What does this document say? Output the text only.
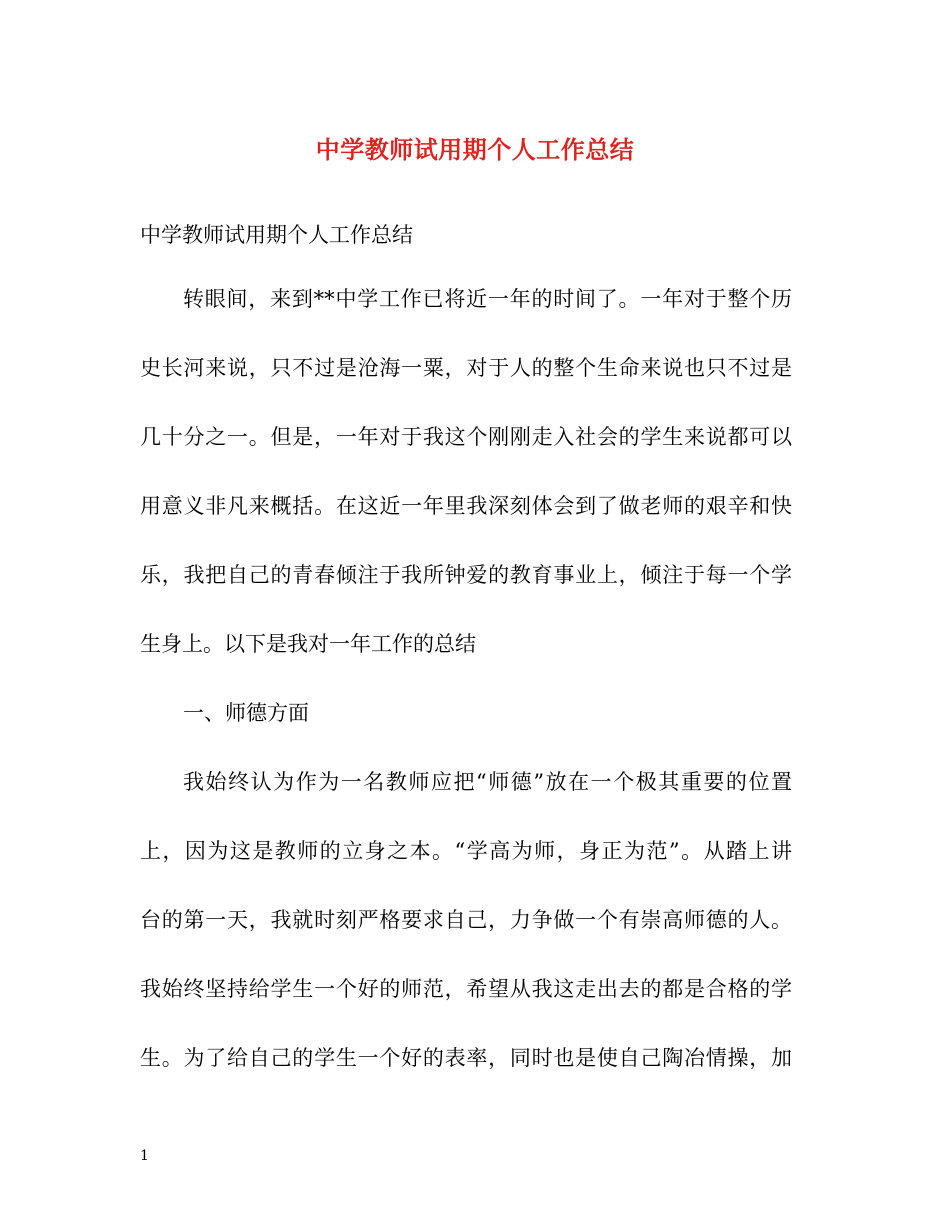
中学教师试用期个人工作总结
中学教师试用期个人工作总结
转眼间，来到**中学工作已将近一年的时间了。一年对于整个历
史长河来说，只不过是沧海一粟，对于人的整个生命来说也只不过是
几十分之一。但是，一年对于我这个刚刚走入社会的学生来说都可以
用意义非凡来概括。在这近一年里我深刻体会到了做老师的艰辛和快
乐，我把自己的青春倾注于我所钟爱的教育事业上，倾注于每一个学
生身上。以下是我对一年工作的总结
一、师德方面
我始终认为作为一名教师应把“师德”放在一个极其重要的位置
上，因为这是教师的立身之本。“学高为师，身正为范”。从踏上讲
台的第一天，我就时刻严格要求自己，力争做一个有崇高师德的人。
我始终坚持给学生一个好的师范，希望从我这走出去的都是合格的学
生。为了给自己的学生一个好的表率，同时也是使自己陶冶情操，加
1
